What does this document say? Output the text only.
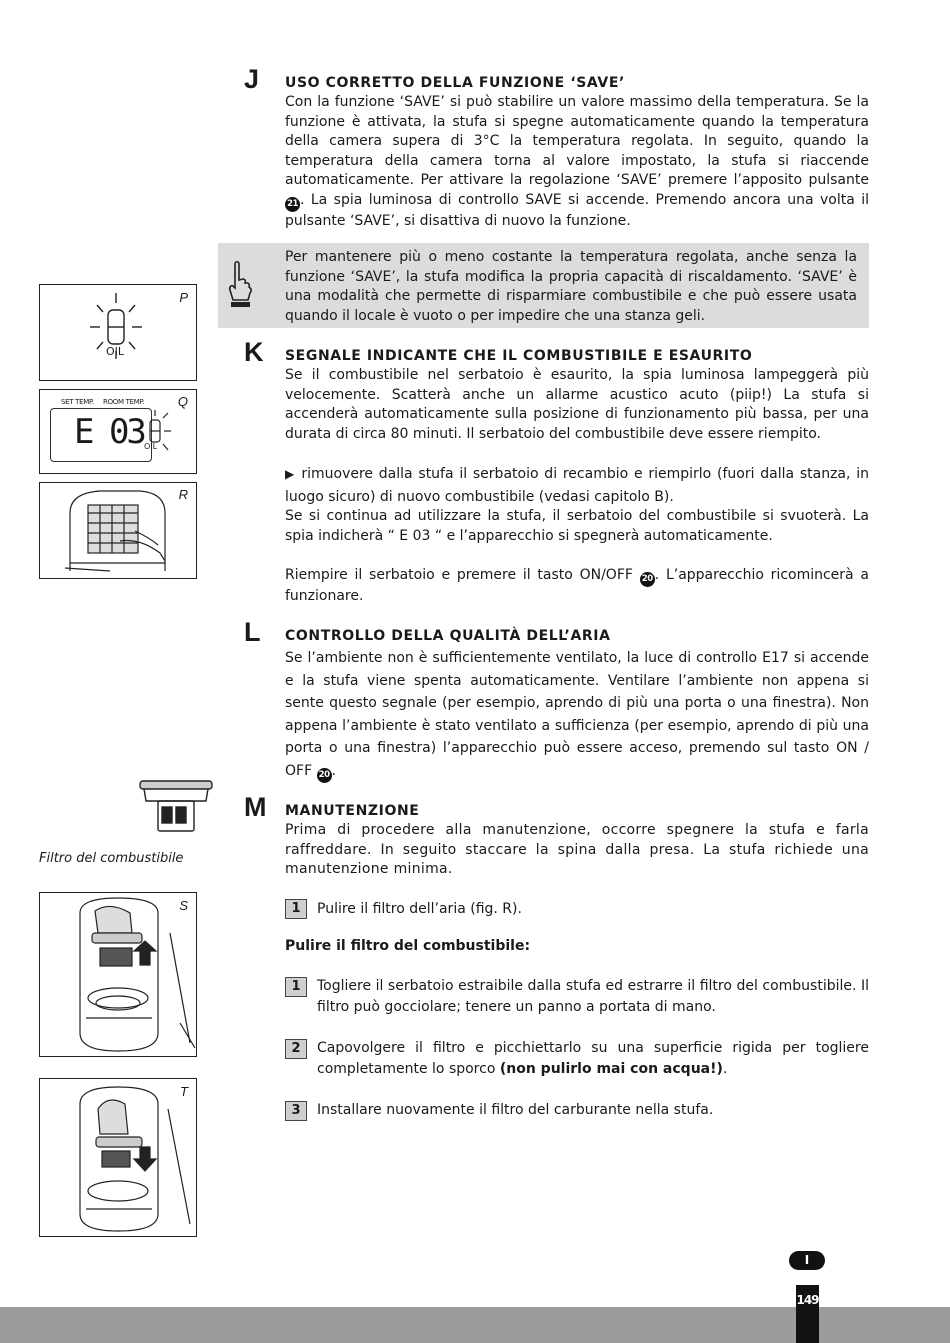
J	USO CORRETTO DELLA FUNZIONE ‘SAVE’
Con la funzione ‘SAVE’ si può stabilire un valore massimo della temperatura. Se la funzione è attivata, la stufa si spegne automaticamente quando la temperatura della camera supera di 3°C la temperatura regolata. In seguito, quando la temperatura della camera torna al valore impostato, la stufa si riaccende automaticamente. Per attivare la regolazione ‘SAVE’ premere l’apposito pulsante 21 . La spia luminosa di controllo SAVE si accende. Premendo ancora una volta il pulsante ‘SAVE’, si disattiva di nuovo la funzione.
Per mantenere più o meno costante la temperatura regolata, anche senza la funzione ‘SAVE’, la stufa modifica la propria capacità di riscaldamento. ‘SAVE’ è una modalità che permette di risparmiare combustibile e che può essere usata quando il locale è vuoto o per impedire che una stanza geli.
K	SEGNALE INDICANTE CHE IL COMBUSTIBILE E ESAURITO
Se il combustibile nel serbatoio è esaurito, la spia luminosa lampeggerà più velocemente. Scatterà anche un allarme acustico acuto (piip!) La stufa si accenderà automaticamente sulla posizione di funzionamento più bassa, per una durata di circa 80 minuti. Il serbatoio del combustibile deve essere riempito.
▶ rimuovere dalla stufa il serbatoio di recambio e riempirlo (fuori dalla stanza, in luogo sicuro) di nuovo combustibile (vedasi capitolo B).
Se si continua ad utilizzare la stufa, il serbatoio del combustibile si svuoterà. La spia indicherà “ E 03 “ e l’apparecchio si spegnerà automaticamente.
Riempire il serbatoio e premere il tasto ON/OFF 20 . L’apparecchio ricomincerà a funzionare.
L	CONTROLLO DELLA QUALITÀ DELL’ARIA
Se l’ambiente non è sufficientemente ventilato, la luce di controllo E17 si accende e la stufa viene spenta automaticamente. Ventilare l’ambiente non appena si sente questo segnale (per esempio, aprendo di più una porta o una finestra). Non appena l’ambiente è stato ventilato a sufficienza (per esempio, aprendo di più una porta o una finestra) l’apparecchio può essere acceso, premendo sul tasto ON / OFF 20 .
M	MANUTENZIONE
Prima di procedere alla manutenzione, occorre spegnere la stufa e farla raffreddare. In seguito staccare la spina dalla presa. La stufa richiede una manutenzione minima.
1	Pulire il filtro dell’aria (fig. R).
Pulire il filtro del combustibile:
1	Togliere il serbatoio estraibile dalla stufa ed estrarre il filtro del combustibile. Il filtro può gocciolare; tenere un panno a portata di mano.
2	Capovolgere il filtro e picchiettarlo su una superficie rigida per togliere completamente lo sporco (non pulirlo mai con acqua!).
3	Installare nuovamente il filtro del carburante nella stufa.
P
OIL
Q
SET TEMP. ROOM TEMP.
E 03 OIL
R
Filtro del combustibile
S
T
I
149
